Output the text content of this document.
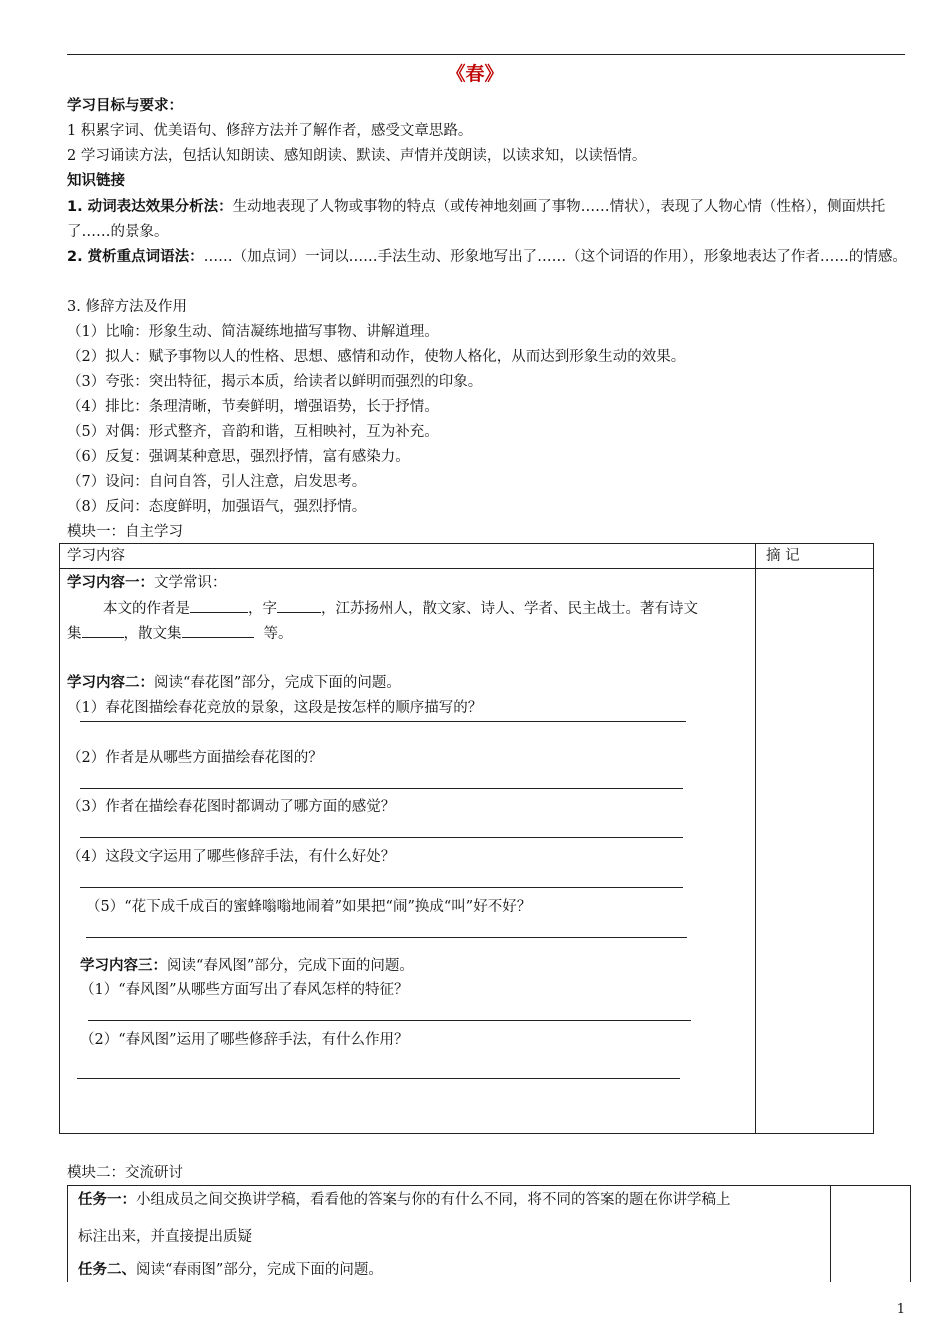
《春》
学习目标与要求：
1 积累字词、优美语句、修辞方法并了解作者，感受文章思路。
2 学习诵读方法，包括认知朗读、感知朗读、默读、声情并茂朗读，以读求知，以读悟情。
知识链接
1. 动词表达效果分析法：生动地表现了人物或事物的特点（或传神地刻画了事物……情状），表现了人物心情（性格），侧面烘托了……的景象。
2. 赏析重点词语法：……（加点词）一词以……手法生动、形象地写出了……（这个词语的作用），形象地表达了作者……的情感。
3. 修辞方法及作用
（1）比喻：形象生动、简洁凝练地描写事物、讲解道理。
（2）拟人：赋予事物以人的性格、思想、感情和动作，使物人格化，从而达到形象生动的效果。
（3）夸张：突出特征，揭示本质，给读者以鲜明而强烈的印象。
（4）排比：条理清晰，节奏鲜明，增强语势，长于抒情。
（5）对偶：形式整齐，音韵和谐，互相映衬，互为补充。
（6）反复：强调某种意思，强烈抒情，富有感染力。
（7）设问：自问自答，引人注意，启发思考。
（8）反问：态度鲜明，加强语气，强烈抒情。
模块一：自主学习
学习内容	摘 记
学习内容一：文学常识：
本文的作者是	，字	，江苏扬州人，散文家、诗人、学者、民主战士。著有诗文
集	，散文集	等。
学习内容二：阅读“春花图”部分，完成下面的问题。
（1）春花图描绘春花竞放的景象，这段是按怎样的顺序描写的？
（2）作者是从哪些方面描绘春花图的？
（3）作者在描绘春花图时都调动了哪方面的感觉？
（4）这段文字运用了哪些修辞手法，有什么好处？
（5）“花下成千成百的蜜蜂嗡嗡地闹着”如果把“闹”换成“叫”好不好？
学习内容三：阅读“春风图”部分，完成下面的问题。
（1）“春风图”从哪些方面写出了春风怎样的特征？
（2）“春风图”运用了哪些修辞手法，有什么作用？
模块二：交流研讨
任务一：小组成员之间交换讲学稿，看看他的答案与你的有什么不同，将不同的答案的题在你讲学稿上
标注出来，并直接提出质疑
任务二、阅读“春雨图”部分，完成下面的问题。
1
